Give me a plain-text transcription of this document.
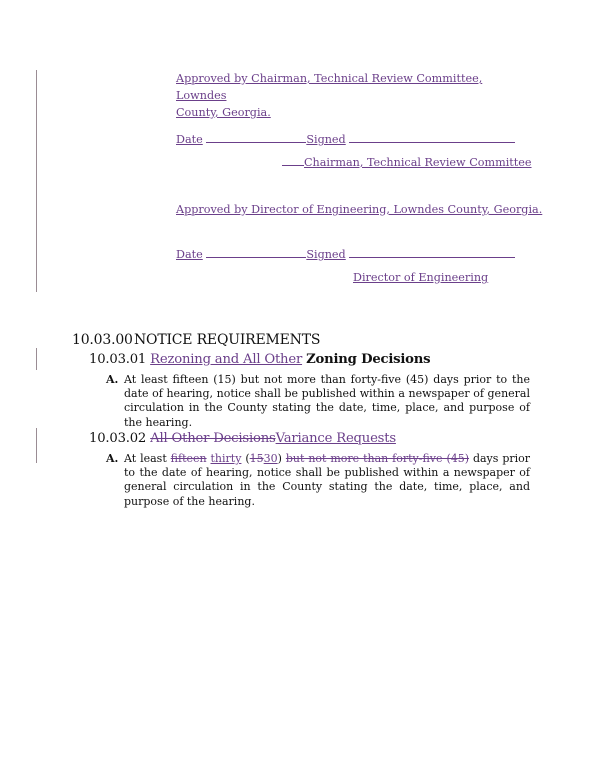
Approved by Chairman, Technical Review Committee, Lowndes
County, Georgia.
Date	Signed
Chairman, Technical Review Committee
Approved by Director of Engineering, Lowndes County, Georgia.
Date	Signed
Director of Engineering
10.03.00NOTICE REQUIREMENTS
10.03.01 Rezoning and All Other Zoning Decisions
A. At least fifteen (15) but not more than forty-five (45) days prior to the date of hearing, notice shall be published within a newspaper of general circulation in the County stating the date, time, place, and purpose of the hearing.
10.03.02 All Other DecisionsVariance Requests
A. At least fifteen thirty (1530) but not more than forty-five (45) days prior to the date of hearing, notice shall be published within a newspaper of general circulation in the County stating the date, time, place, and purpose of the hearing.
